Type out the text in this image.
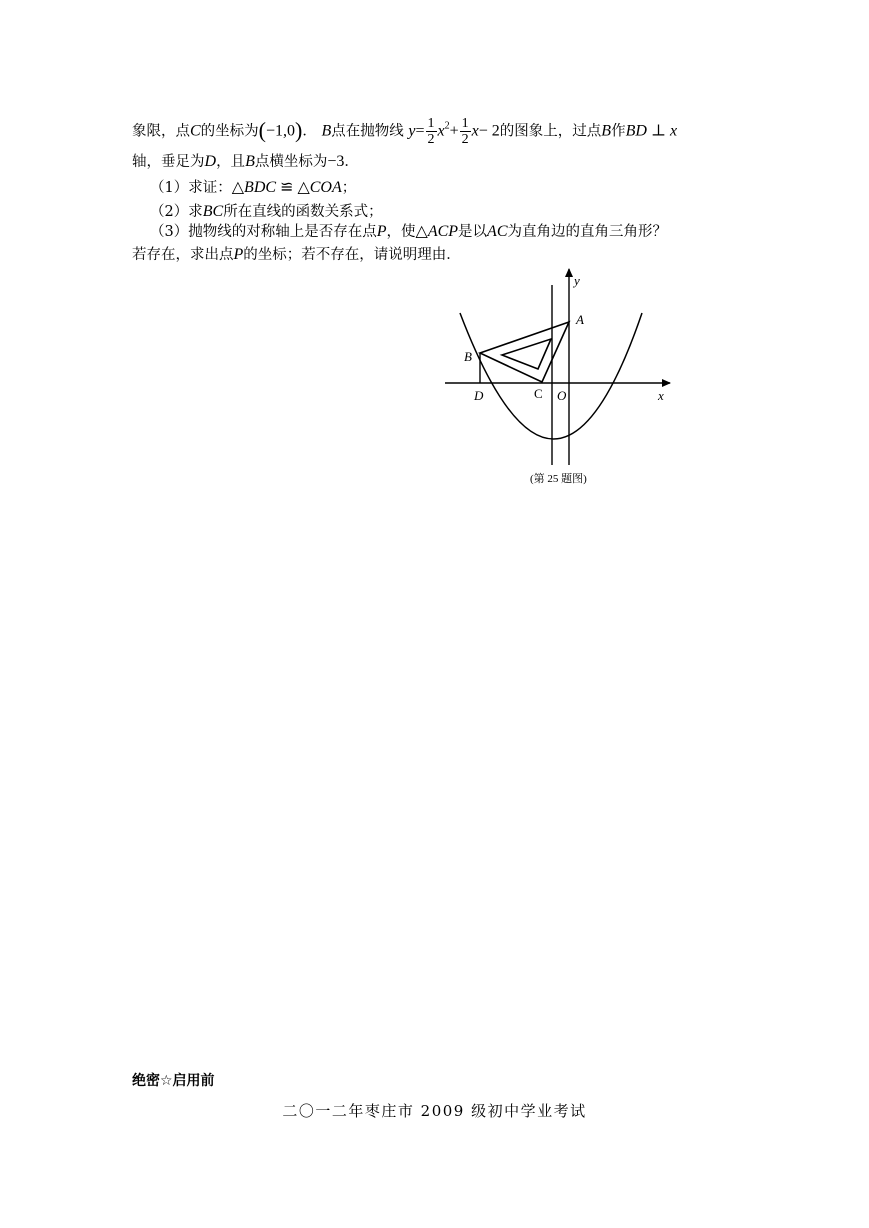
象限，点C的坐标为(−1,0)． B点在抛物线 $y= \frac{1}{2} x^2+ \frac{1}{2} x- 2$的图象上，过点B作BD ⊥ x
轴，垂足为D，且B点横坐标为−3．
（1）求证：△BDC ≌ △COA；
（2）求BC所在直线的函数关系式；
（3）抛物线的对称轴上是否存在点P，使△ACP是以AC为直角边的直角三角形？
若存在，求出点P的坐标；若不存在，请说明理由．
y
A
B
C
D	O	x
(第 25 题图)
绝密☆启用前
二〇一二年枣庄市 2009 级初中学业考试
